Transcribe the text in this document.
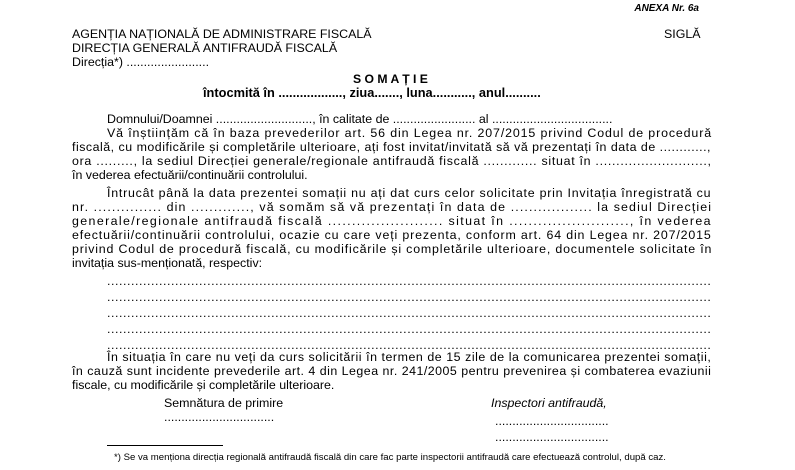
ANEXA Nr. 6a
AGENȚIA NAȚIONALĂ DE ADMINISTRARE FISCALĂ	SIGLĂ
DIRECȚIA GENERALĂ ANTIFRAUDĂ FISCALĂ
Direcția*) ........................
S O M A Ț I E
întocmită în .................., ziua......., luna..........., anul..........
Domnului/Doamnei ............................, în calitate de ........................ al ...................................
Vă înștiințăm că în baza prevederilor art. 56 din Legea nr. 207/2015 privind Codul de procedură
fiscală, cu modificările și completările ulterioare, ați fost invitat/invitată să vă prezentați în data de ............,
ora ........., la sediul Direcției generale/regionale antifraudă fiscală ............. situat în ...........................,
în vederea efectuării/continuării controlului.
Întrucât până la data prezentei somații nu ați dat curs celor solicitate prin Invitația înregistrată cu
nr. ............... din ............., vă somăm să vă prezentați în data de .................. la sediul Direcției
generale/regionale antifraudă fiscală ........................ situat în ........................., în vederea
efectuării/continuării controlului, ocazie cu care veți prezenta, conform art. 64 din Legea nr. 207/2015
privind Codul de procedură fiscală, cu modificările și completările ulterioare, documentele solicitate în
invitația sus-menționată, respectiv:
.......................................................................................................................................................
.......................................................................................................................................................
.......................................................................................................................................................
.......................................................................................................................................................
.......................................................................................................................................................
În situația în care nu veți da curs solicitării în termen de 15 zile de la comunicarea prezentei somații,
în cauză sunt incidente prevederile art. 4 din Legea nr. 241/2005 pentru prevenirea și combaterea evaziunii
fiscale, cu modificările și completările ulterioare.
Semnătura de primire
................................
Inspectori antifraudă,
.................................
.................................
*) Se va menționa direcția regională antifraudă fiscală din care fac parte inspectorii antifraudă care efectuează controlul, după caz.
